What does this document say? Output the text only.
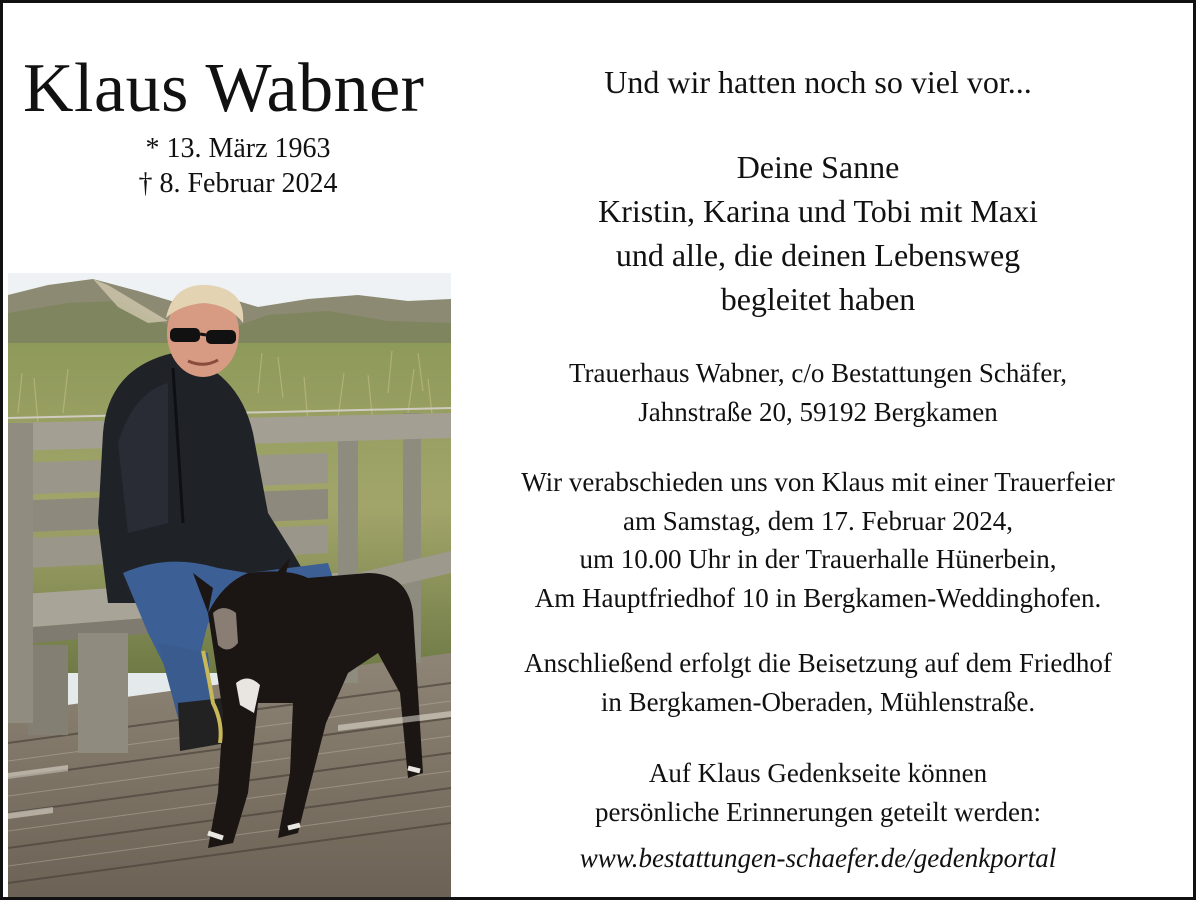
Klaus Wabner
* 13. März 1963
† 8. Februar 2024
Und wir hatten noch so viel vor...
Deine Sanne
Kristin, Karina und Tobi mit Maxi
und alle, die deinen Lebensweg
begleitet haben
Trauerhaus Wabner, c/o Bestattungen Schäfer,
Jahnstraße 20, 59192 Bergkamen
Wir verabschieden uns von Klaus mit einer Trauerfeier
am Samstag, dem 17. Februar 2024,
um 10.00 Uhr in der Trauerhalle Hünerbein,
Am Hauptfriedhof 10 in Bergkamen-Weddinghofen.
Anschließend erfolgt die Beisetzung auf dem Friedhof
in Bergkamen-Oberaden, Mühlenstraße.
Auf Klaus Gedenkseite können
persönliche Erinnerungen geteilt werden:
www.bestattungen-schaefer.de/gedenkportal
